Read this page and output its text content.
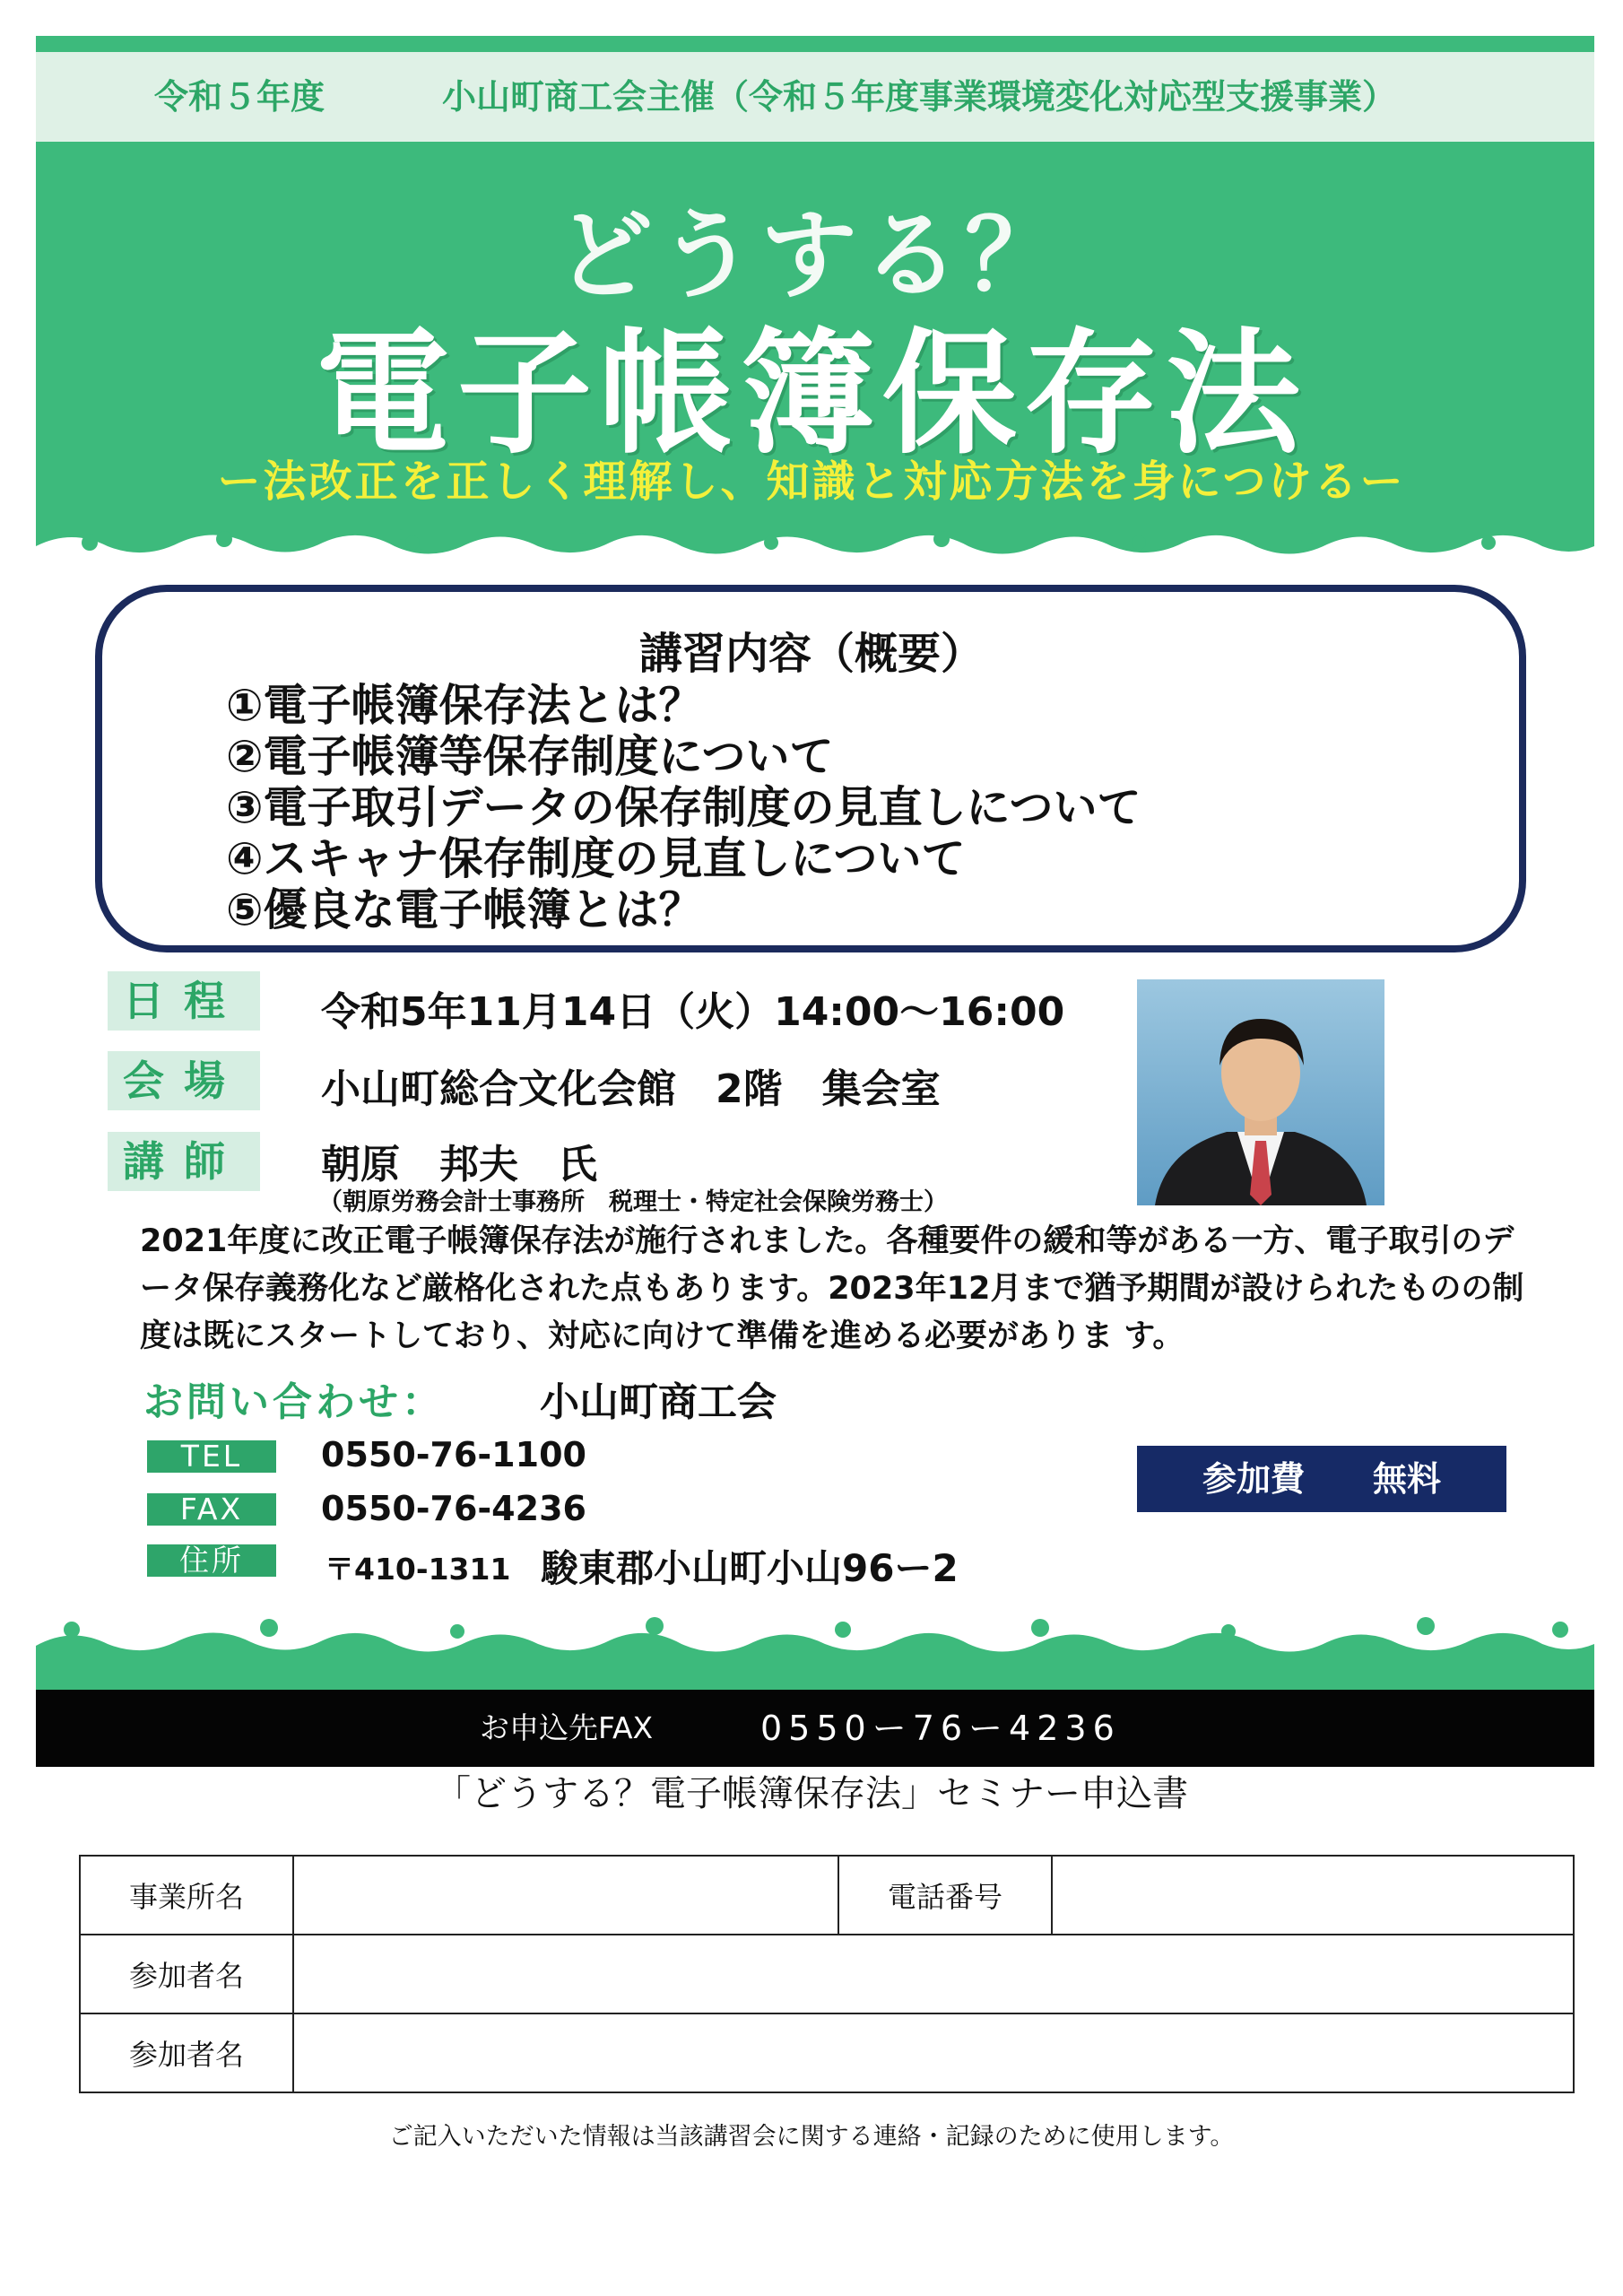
令和５年度	小山町商工会主催（令和５年度事業環境変化対応型支援事業）
どうする？
電子帳簿保存法
ー法改正を正しく理解し、知識と対応方法を身につけるー
講習内容（概要）
①電子帳簿保存法とは？
②電子帳簿等保存制度について
③電子取引データの保存制度の見直しについて
④スキャナ保存制度の見直しについて
⑤優良な電子帳簿とは？
日程	令和5年11月14日（火）14:00〜16:00
会場	小山町総合文化会館　2階　集会室
講師	朝原　邦夫　氏
（朝原労務会計士事務所　税理士・特定社会保険労務士）
2021年度に改正電子帳簿保存法が施行されました。各種要件の緩和等がある一方、電子取引のデータ保存義務化など厳格化された点もあります。2023年12月まで猶予期間が設けられたものの制度は既にスタートしており、対応に向けて準備を進める必要がありま す。
お問い合わせ： 小山町商工会
TEL	0550-76-1100
FAX	0550-76-4236
住所	〒410-1311 駿東郡小山町小山96ー2
参加費　　無料
お申込先FAX	0550ー76ー4236
「どうする？電子帳簿保存法」セミナー申込書
事業所名		電話番号	
参加者名			
参加者名			
ご記入いただいた情報は当該講習会に関する連絡・記録のために使用します。
